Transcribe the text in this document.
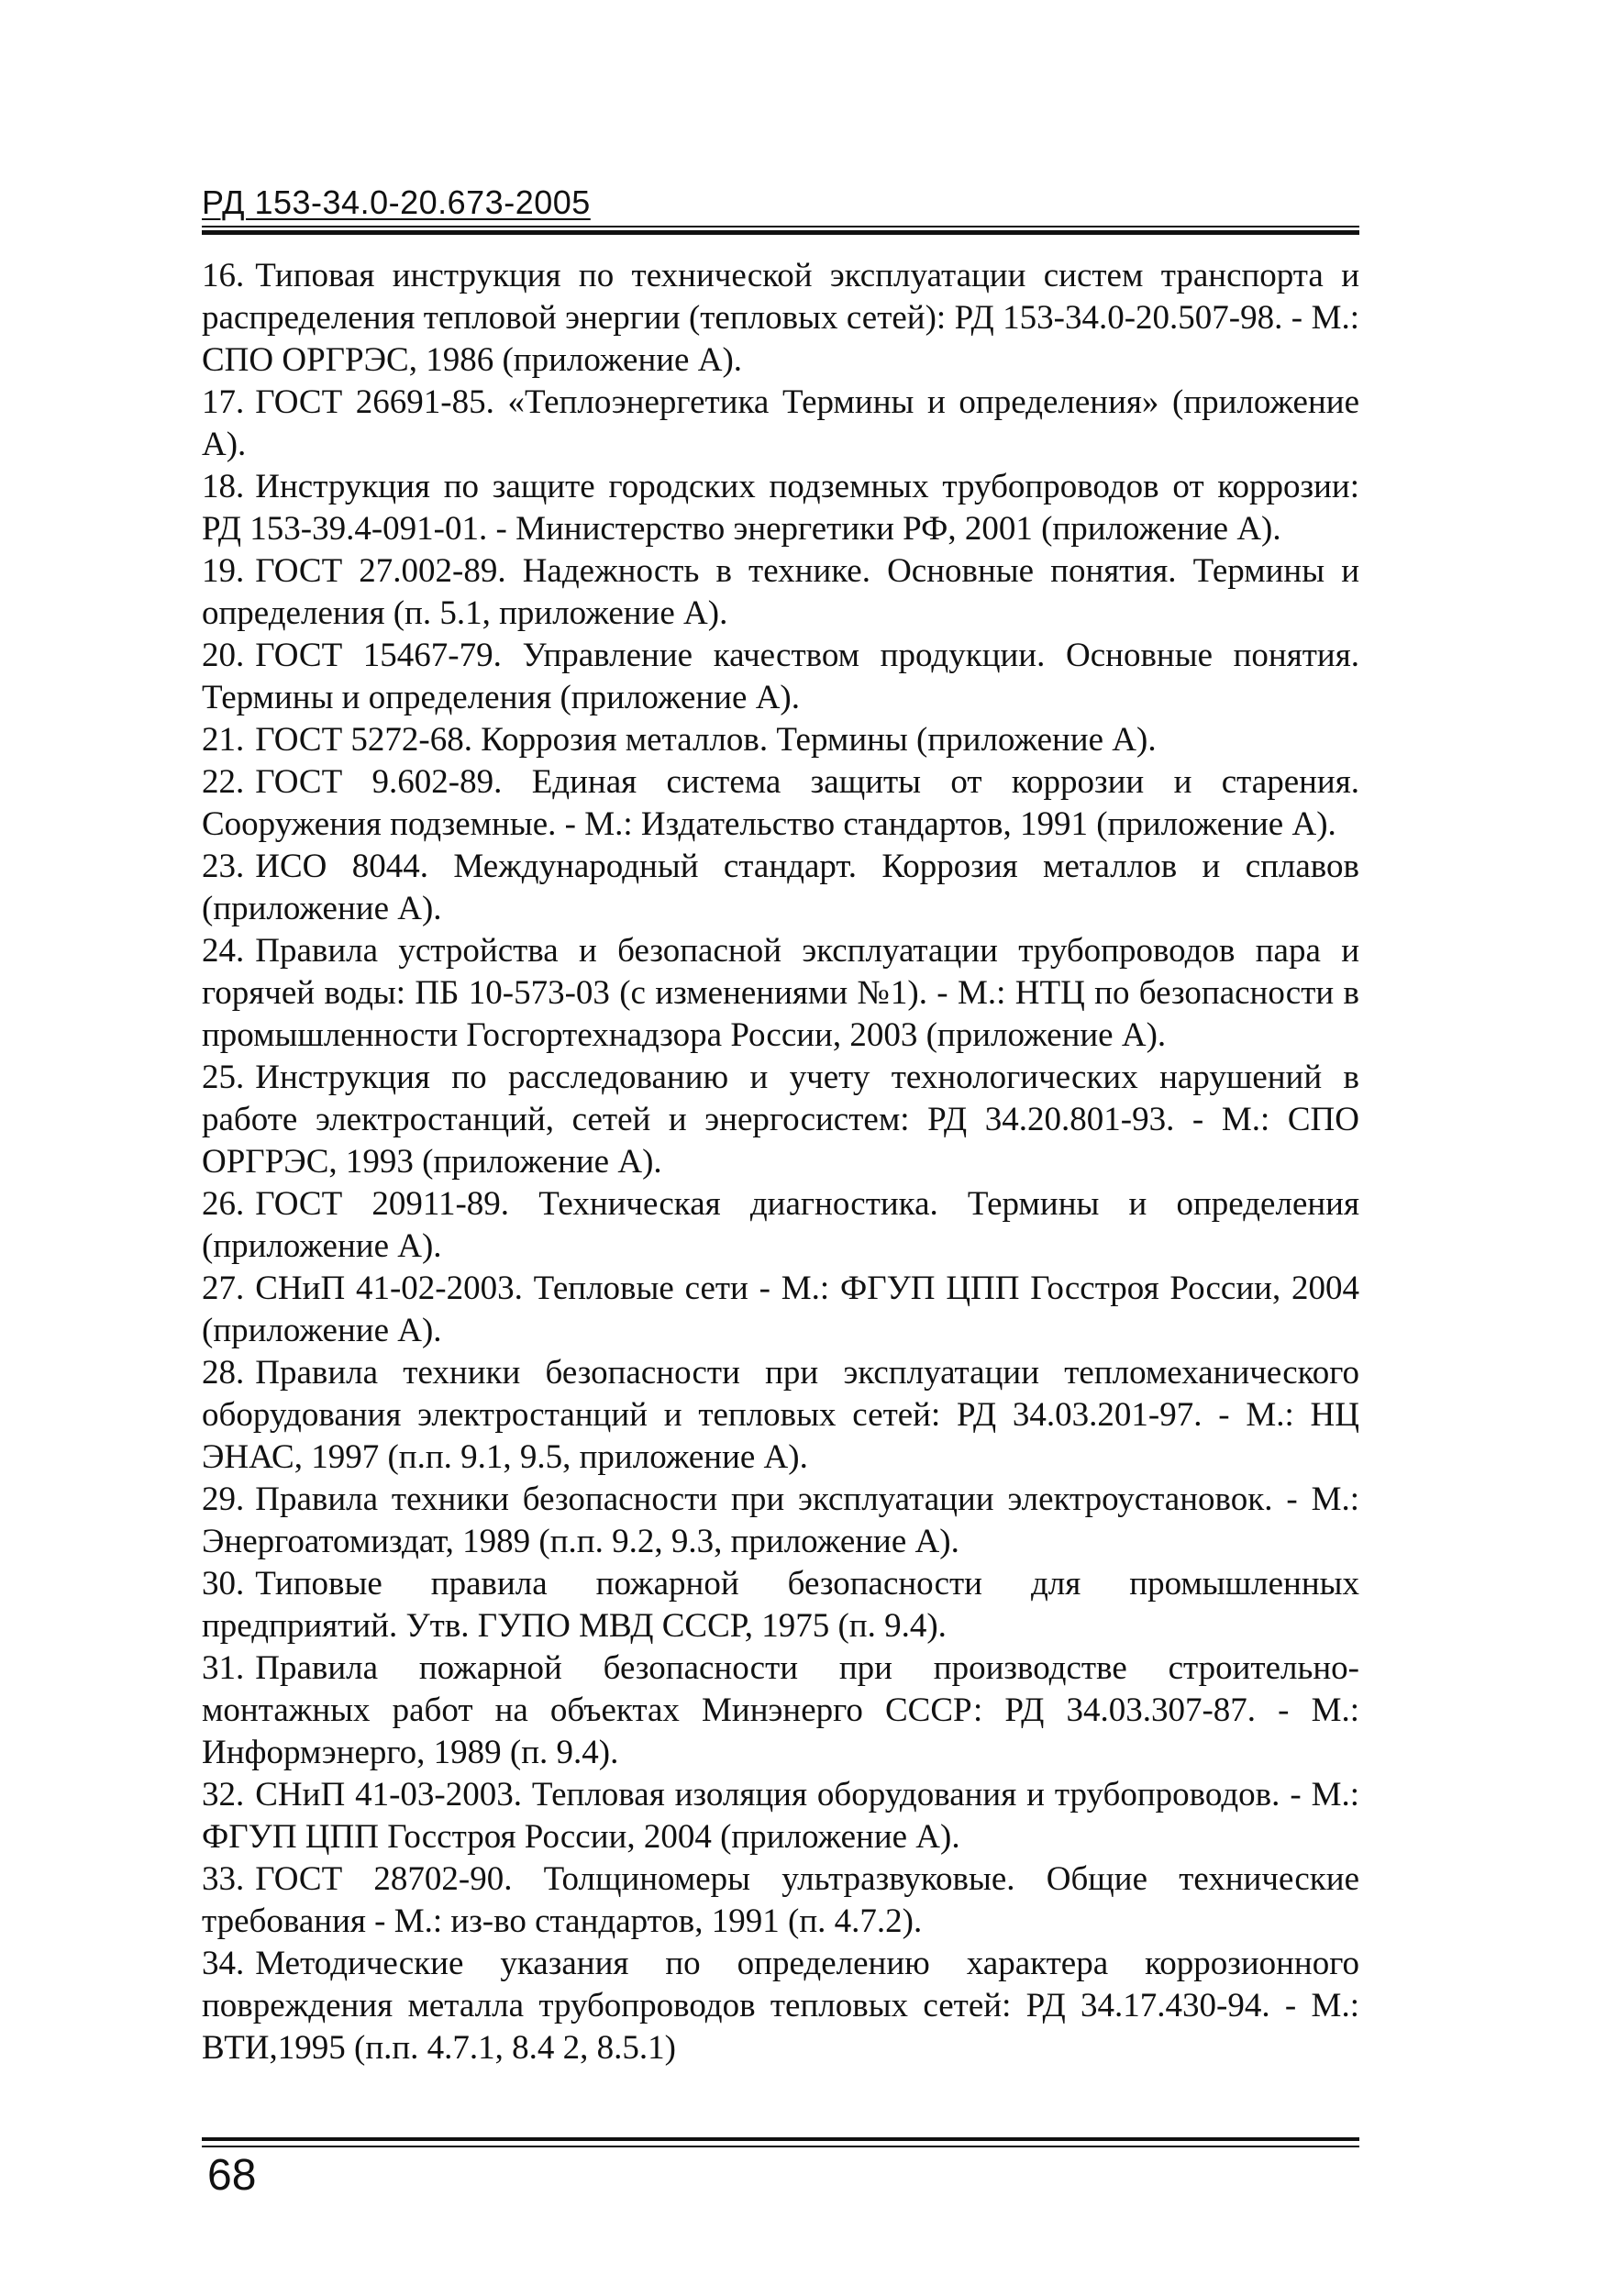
РД 153-34.0-20.673-2005
16. Типовая инструкция по технической эксплуатации систем транспорта и распределения тепловой энергии (тепловых сетей): РД 153-34.0-20.507-98. - М.: СПО ОРГРЭС, 1986 (приложение А).
17. ГОСТ 26691-85. «Теплоэнергетика Термины и определения» (приложение А).
18. Инструкция по защите городских подземных трубопроводов от коррозии: РД 153-39.4-091-01. - Министерство энергетики РФ, 2001 (приложение А).
19. ГОСТ 27.002-89. Надежность в технике. Основные понятия. Термины и определения (п. 5.1, приложение А).
20. ГОСТ 15467-79. Управление качеством продукции. Основные понятия. Термины и определения (приложение А).
21. ГОСТ 5272-68. Коррозия металлов. Термины (приложение А).
22. ГОСТ 9.602-89. Единая система защиты от коррозии и старения. Сооружения подземные. - М.: Издательство стандартов, 1991 (приложение А).
23. ИСО 8044. Международный стандарт. Коррозия металлов и сплавов (приложение А).
24. Правила устройства и безопасной эксплуатации трубопроводов пара и горячей воды: ПБ 10-573-03 (с изменениями №1). - М.: НТЦ по безопасности в промышленности Госгортехнадзора России, 2003 (приложение А).
25. Инструкция по расследованию и учету технологических нарушений в работе электростанций, сетей и энергосистем: РД 34.20.801-93. - М.: СПО ОРГРЭС, 1993 (приложение А).
26. ГОСТ 20911-89. Техническая диагностика. Термины и определения (приложение А).
27. СНиП 41-02-2003. Тепловые сети - М.: ФГУП ЦПП Госстроя России, 2004 (приложение А).
28. Правила техники безопасности при эксплуатации тепломеханического оборудования электростанций и тепловых сетей: РД 34.03.201-97. - М.: НЦ ЭНАС, 1997 (п.п. 9.1, 9.5, приложение А).
29. Правила техники безопасности при эксплуатации электроустановок. - М.: Энергоатомиздат, 1989 (п.п. 9.2, 9.3, приложение А).
30. Типовые правила пожарной безопасности для промышленных предприятий. Утв. ГУПО МВД СССР, 1975 (п. 9.4).
31. Правила пожарной безопасности при производстве строительно-монтажных работ на объектах Минэнерго СССР: РД 34.03.307-87. - М.: Информэнерго, 1989 (п. 9.4).
32. СНиП 41-03-2003. Тепловая изоляция оборудования и трубопроводов. - М.: ФГУП ЦПП Госстроя России, 2004 (приложение А).
33. ГОСТ 28702-90. Толщиномеры ультразвуковые. Общие технические требования - М.: из-во стандартов, 1991 (п. 4.7.2).
34. Методические указания по определению характера коррозионного повреждения металла трубопроводов тепловых сетей: РД 34.17.430-94. - М.: ВТИ,1995 (п.п. 4.7.1, 8.4 2, 8.5.1)
68
